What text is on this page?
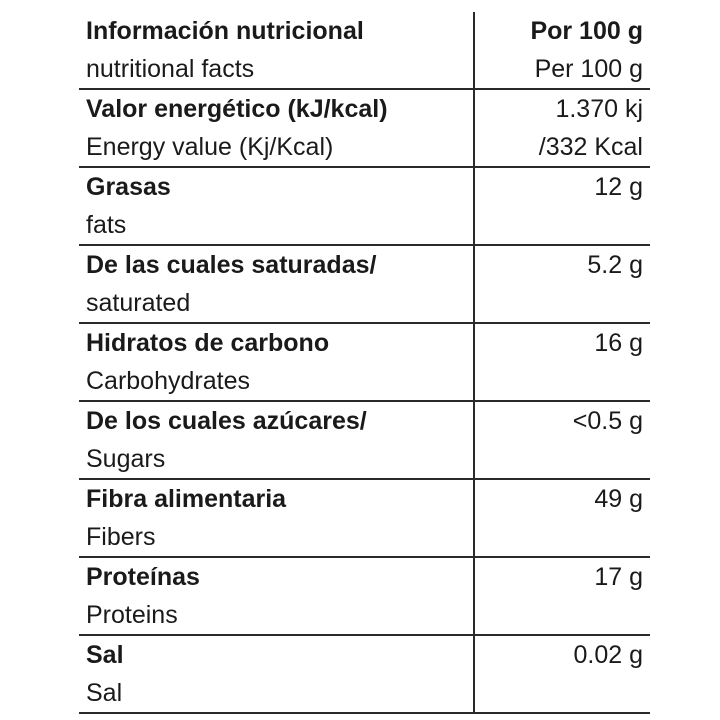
Información nutricional
nutritional facts	Por 100 g
Per 100 g

Valor energético (kJ/kcal)
Energy value (Kj/Kcal)	1.370 kj
/332 Kcal

Grasas
fats	12 g

De las cuales saturadas/
saturated	5.2 g

Hidratos de carbono
Carbohydrates	16 g

De los cuales azúcares/
Sugars	<0.5 g

Fibra alimentaria
Fibers	49 g

Proteínas
Proteins	17 g

Sal
Sal	0.02 g
